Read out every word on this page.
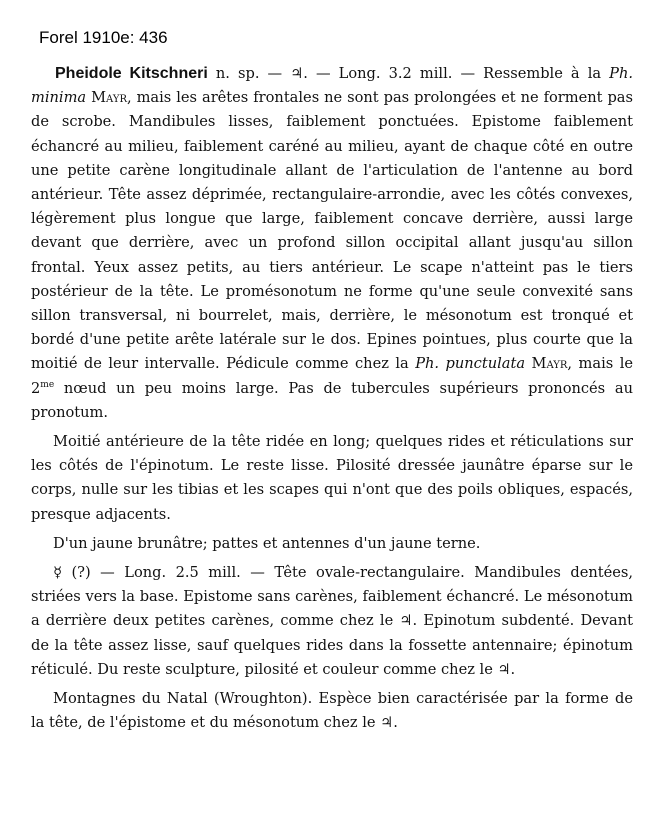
Forel 1910e: 436

Pheidole Kitschneri n. sp. — ♃. — Long. 3.2 mill. — Ressemble à la Ph. minima Mayr, mais les arêtes frontales ne sont pas prolongées et ne forment pas de scrobe. Mandibules lisses, faiblement ponctuées. Epistome faiblement échancré au milieu, faiblement caréné au milieu, ayant de chaque côté en outre une petite carène longitudinale allant de l'articulation de l'antenne au bord antérieur. Tête assez déprimée, rectangulaire-arrondie, avec les côtés convexes, légèrement plus longue que large, faiblement concave derrière, aussi large devant que derrière, avec un profond sillon occipital allant jusqu'au sillon frontal. Yeux assez petits, au tiers antérieur. Le scape n'atteint pas le tiers postérieur de la tête. Le promésonotum ne forme qu'une seule convexité sans sillon transversal, ni bourrelet, mais, derrière, le mésonotum est tronqué et bordé d'une petite arête latérale sur le dos. Epines pointues, plus courte que la moitié de leur intervalle. Pédicule comme chez la Ph. punctulata Mayr, mais le $2^{me}$ nœud un peu moins large. Pas de tubercules supérieurs prononcés au pronotum.

Moitié antérieure de la tête ridée en long; quelques rides et réticulations sur les côtés de l'épinotum. Le reste lisse. Pilosité dressée jaunâtre éparse sur le corps, nulle sur les tibias et les scapes qui n'ont que des poils obliques, espacés, presque adjacents.

D'un jaune brunâtre; pattes et antennes d'un jaune terne.

☿ (?) — Long. 2.5 mill. — Tête ovale-rectangulaire. Mandibules dentées, striées vers la base. Epistome sans carènes, faiblement échancré. Le mésonotum a derrière deux petites carènes, comme chez le ♃. Epinotum subdenté. Devant de la tête assez lisse, sauf quelques rides dans la fossette antennaire; épinotum réticulé. Du reste sculpture, pilosité et couleur comme chez le ♃.

Montagnes du Natal (Wroughton). Espèce bien caractérisée par la forme de la tête, de l'épistome et du mésonotum chez le ♃.
